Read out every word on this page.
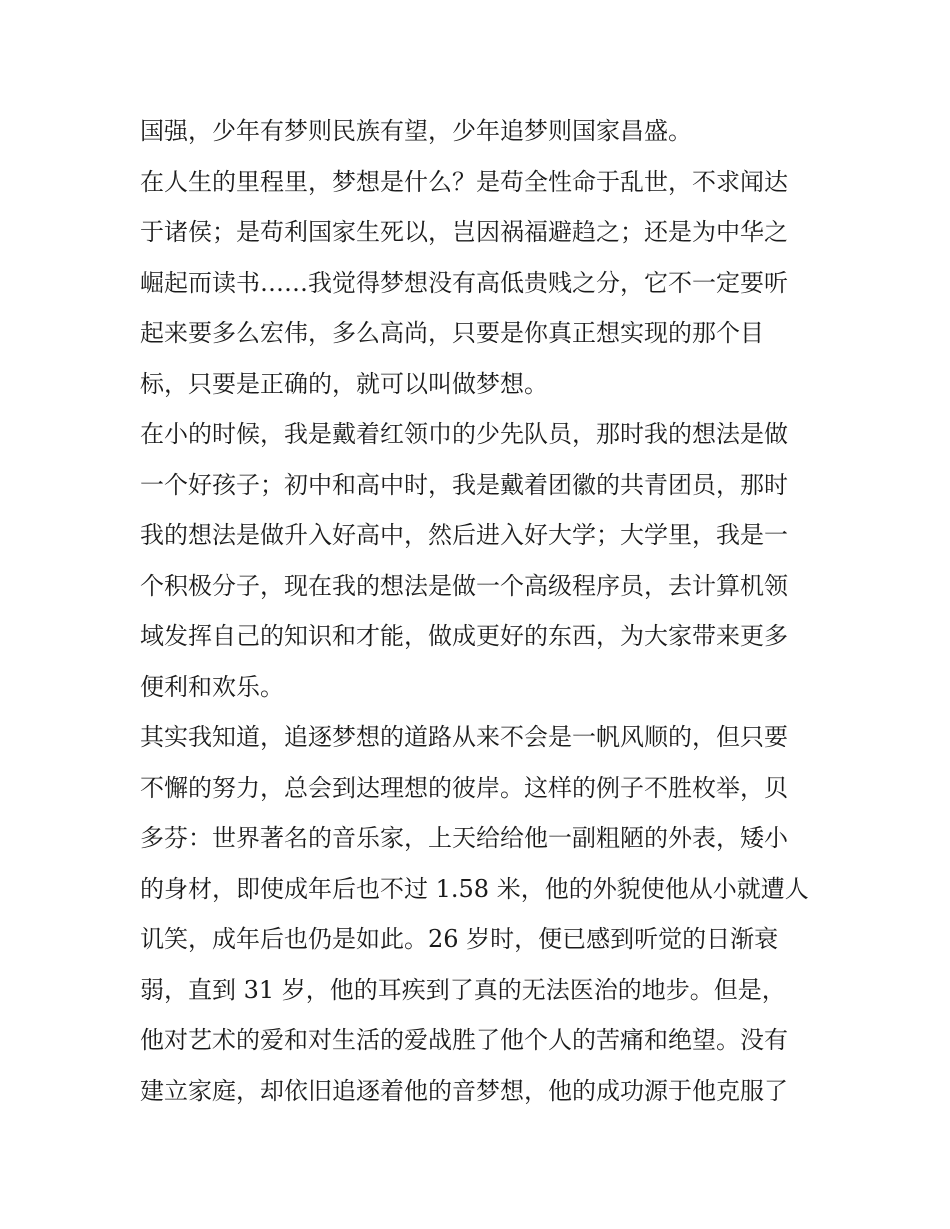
国强，少年有梦则民族有望，少年追梦则国家昌盛。
在人生的里程里，梦想是什么？是苟全性命于乱世，不求闻达
于诸侯；是苟利国家生死以，岂因祸福避趋之；还是为中华之
崛起而读书……我觉得梦想没有高低贵贱之分，它不一定要听
起来要多么宏伟，多么高尚，只要是你真正想实现的那个目
标，只要是正确的，就可以叫做梦想。
在小的时候，我是戴着红领巾的少先队员，那时我的想法是做
一个好孩子；初中和高中时，我是戴着团徽的共青团员，那时
我的想法是做升入好高中，然后进入好大学；大学里，我是一
个积极分子，现在我的想法是做一个高级程序员，去计算机领
域发挥自己的知识和才能，做成更好的东西，为大家带来更多
便利和欢乐。
其实我知道，追逐梦想的道路从来不会是一帆风顺的，但只要
不懈的努力，总会到达理想的彼岸。这样的例子不胜枚举，贝
多芬：世界著名的音乐家，上天给给他一副粗陋的外表，矮小
的身材，即使成年后也不过 1.58 米，他的外貌使他从小就遭人
讥笑，成年后也仍是如此。26 岁时，便已感到听觉的日渐衰
弱，直到 31 岁，他的耳疾到了真的无法医治的地步。但是，
他对艺术的爱和对生活的爱战胜了他个人的苦痛和绝望。没有
建立家庭，却依旧追逐着他的音梦想，他的成功源于他克服了
